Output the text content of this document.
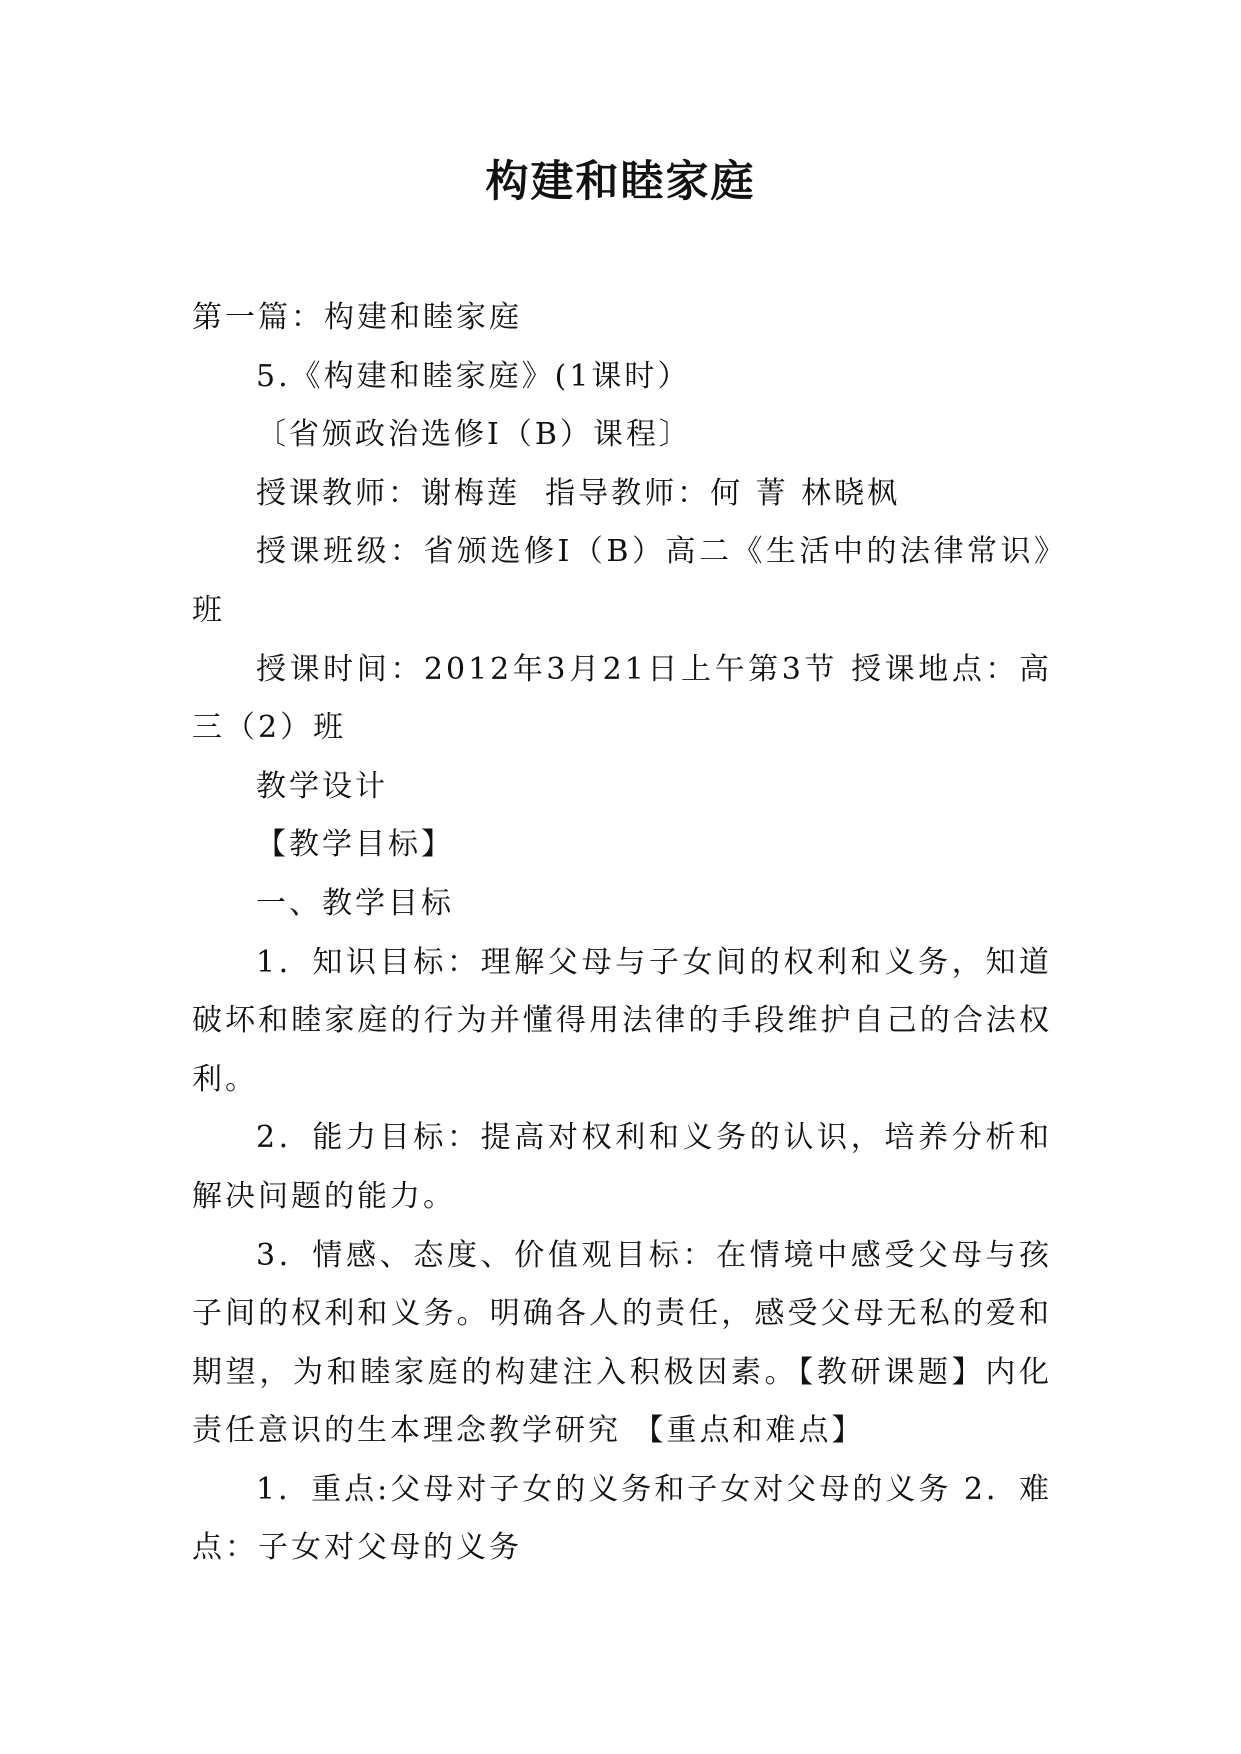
构建和睦家庭

第一篇：构建和睦家庭

5.《构建和睦家庭》(1课时）

〔省颁政治选修Ⅰ（B）课程〕

授课教师：谢梅莲  指导教师：何 菁 林晓枫

授课班级：省颁选修Ⅰ（B）高二《生活中的法律常识》班

授课时间：2012年3月21日上午第3节 授课地点：高三（2）班

教学设计

【教学目标】

一、教学目标

1．知识目标：理解父母与子女间的权利和义务，知道破坏和睦家庭的行为并懂得用法律的手段维护自己的合法权利。

2．能力目标：提高对权利和义务的认识，培养分析和解决问题的能力。

3．情感、态度、价值观目标：在情境中感受父母与孩子间的权利和义务。明确各人的责任，感受父母无私的爱和期望，为和睦家庭的构建注入积极因素。【教研课题】内化责任意识的生本理念教学研究 【重点和难点】

1．重点:父母对子女的义务和子女对父母的义务 2．难点：子女对父母的义务
